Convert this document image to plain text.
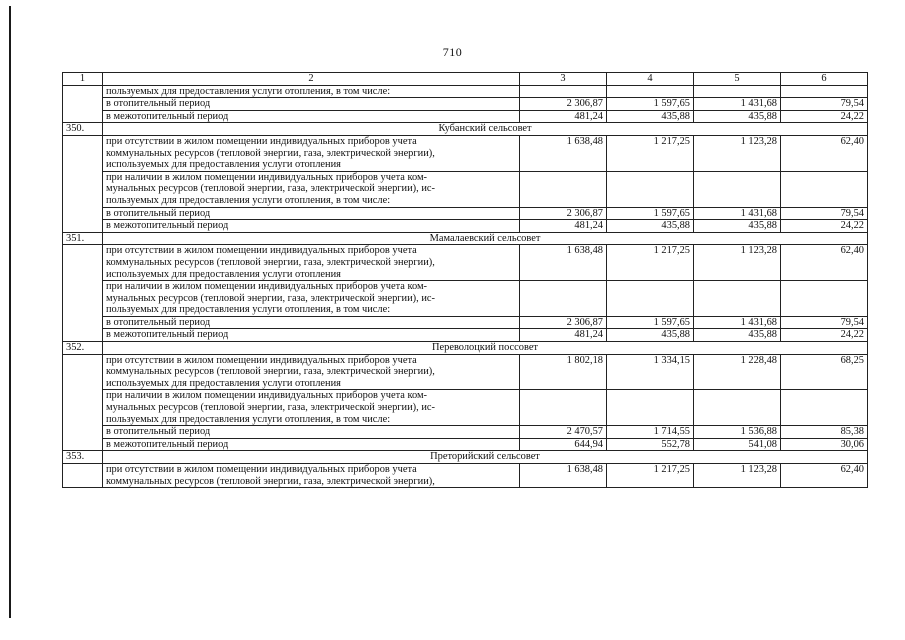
710
1	2	3	4	5	6
	пользуемых для предоставления услуги отопления, в том числе:				
	в отопительный период	2 306,87	1 597,65	1 431,68	79,54
	в межотопительный период	481,24	435,88	435,88	24,22
350.	Кубанский сельсовет				

	при отсутствии в жилом помещении индивидуальных приборов учета
коммунальных ресурсов (тепловой энергии, газа, электрической энергии),
используемых для предоставления услуги отопления	1 638,48	1 217,25	1 123,28	62,40

	при наличии в жилом помещении индивидуальных приборов учета ком-
мунальных ресурсов (тепловой энергии, газа, электрической энергии), ис-
пользуемых для предоставления услуги отопления, в том числе:				

	в отопительный период	2 306,87	1 597,65	1 431,68	79,54
	в межотопительный период	481,24	435,88	435,88	24,22
351.	Мамалаевский сельсовет				

	при отсутствии в жилом помещении индивидуальных приборов учета
коммунальных ресурсов (тепловой энергии, газа, электрической энергии),
используемых для предоставления услуги отопления	1 638,48	1 217,25	1 123,28	62,40

	при наличии в жилом помещении индивидуальных приборов учета ком-
мунальных ресурсов (тепловой энергии, газа, электрической энергии), ис-
пользуемых для предоставления услуги отопления, в том числе:				

	в отопительный период	2 306,87	1 597,65	1 431,68	79,54
	в межотопительный период	481,24	435,88	435,88	24,22
352.	Переволоцкий поссовет				

	при отсутствии в жилом помещении индивидуальных приборов учета
коммунальных ресурсов (тепловой энергии, газа, электрической энергии),
используемых для предоставления услуги отопления	1 802,18	1 334,15	1 228,48	68,25

	при наличии в жилом помещении индивидуальных приборов учета ком-
мунальных ресурсов (тепловой энергии, газа, электрической энергии), ис-
пользуемых для предоставления услуги отопления, в том числе:				

	в отопительный период	2 470,57	1 714,55	1 536,88	85,38
	в межотопительный период	644,94	552,78	541,08	30,06
353.	Преторийский сельсовет				

	при отсутствии в жилом помещении индивидуальных приборов учета
коммунальных ресурсов (тепловой энергии, газа, электрической энергии),	1 638,48	1 217,25	1 123,28	62,40
